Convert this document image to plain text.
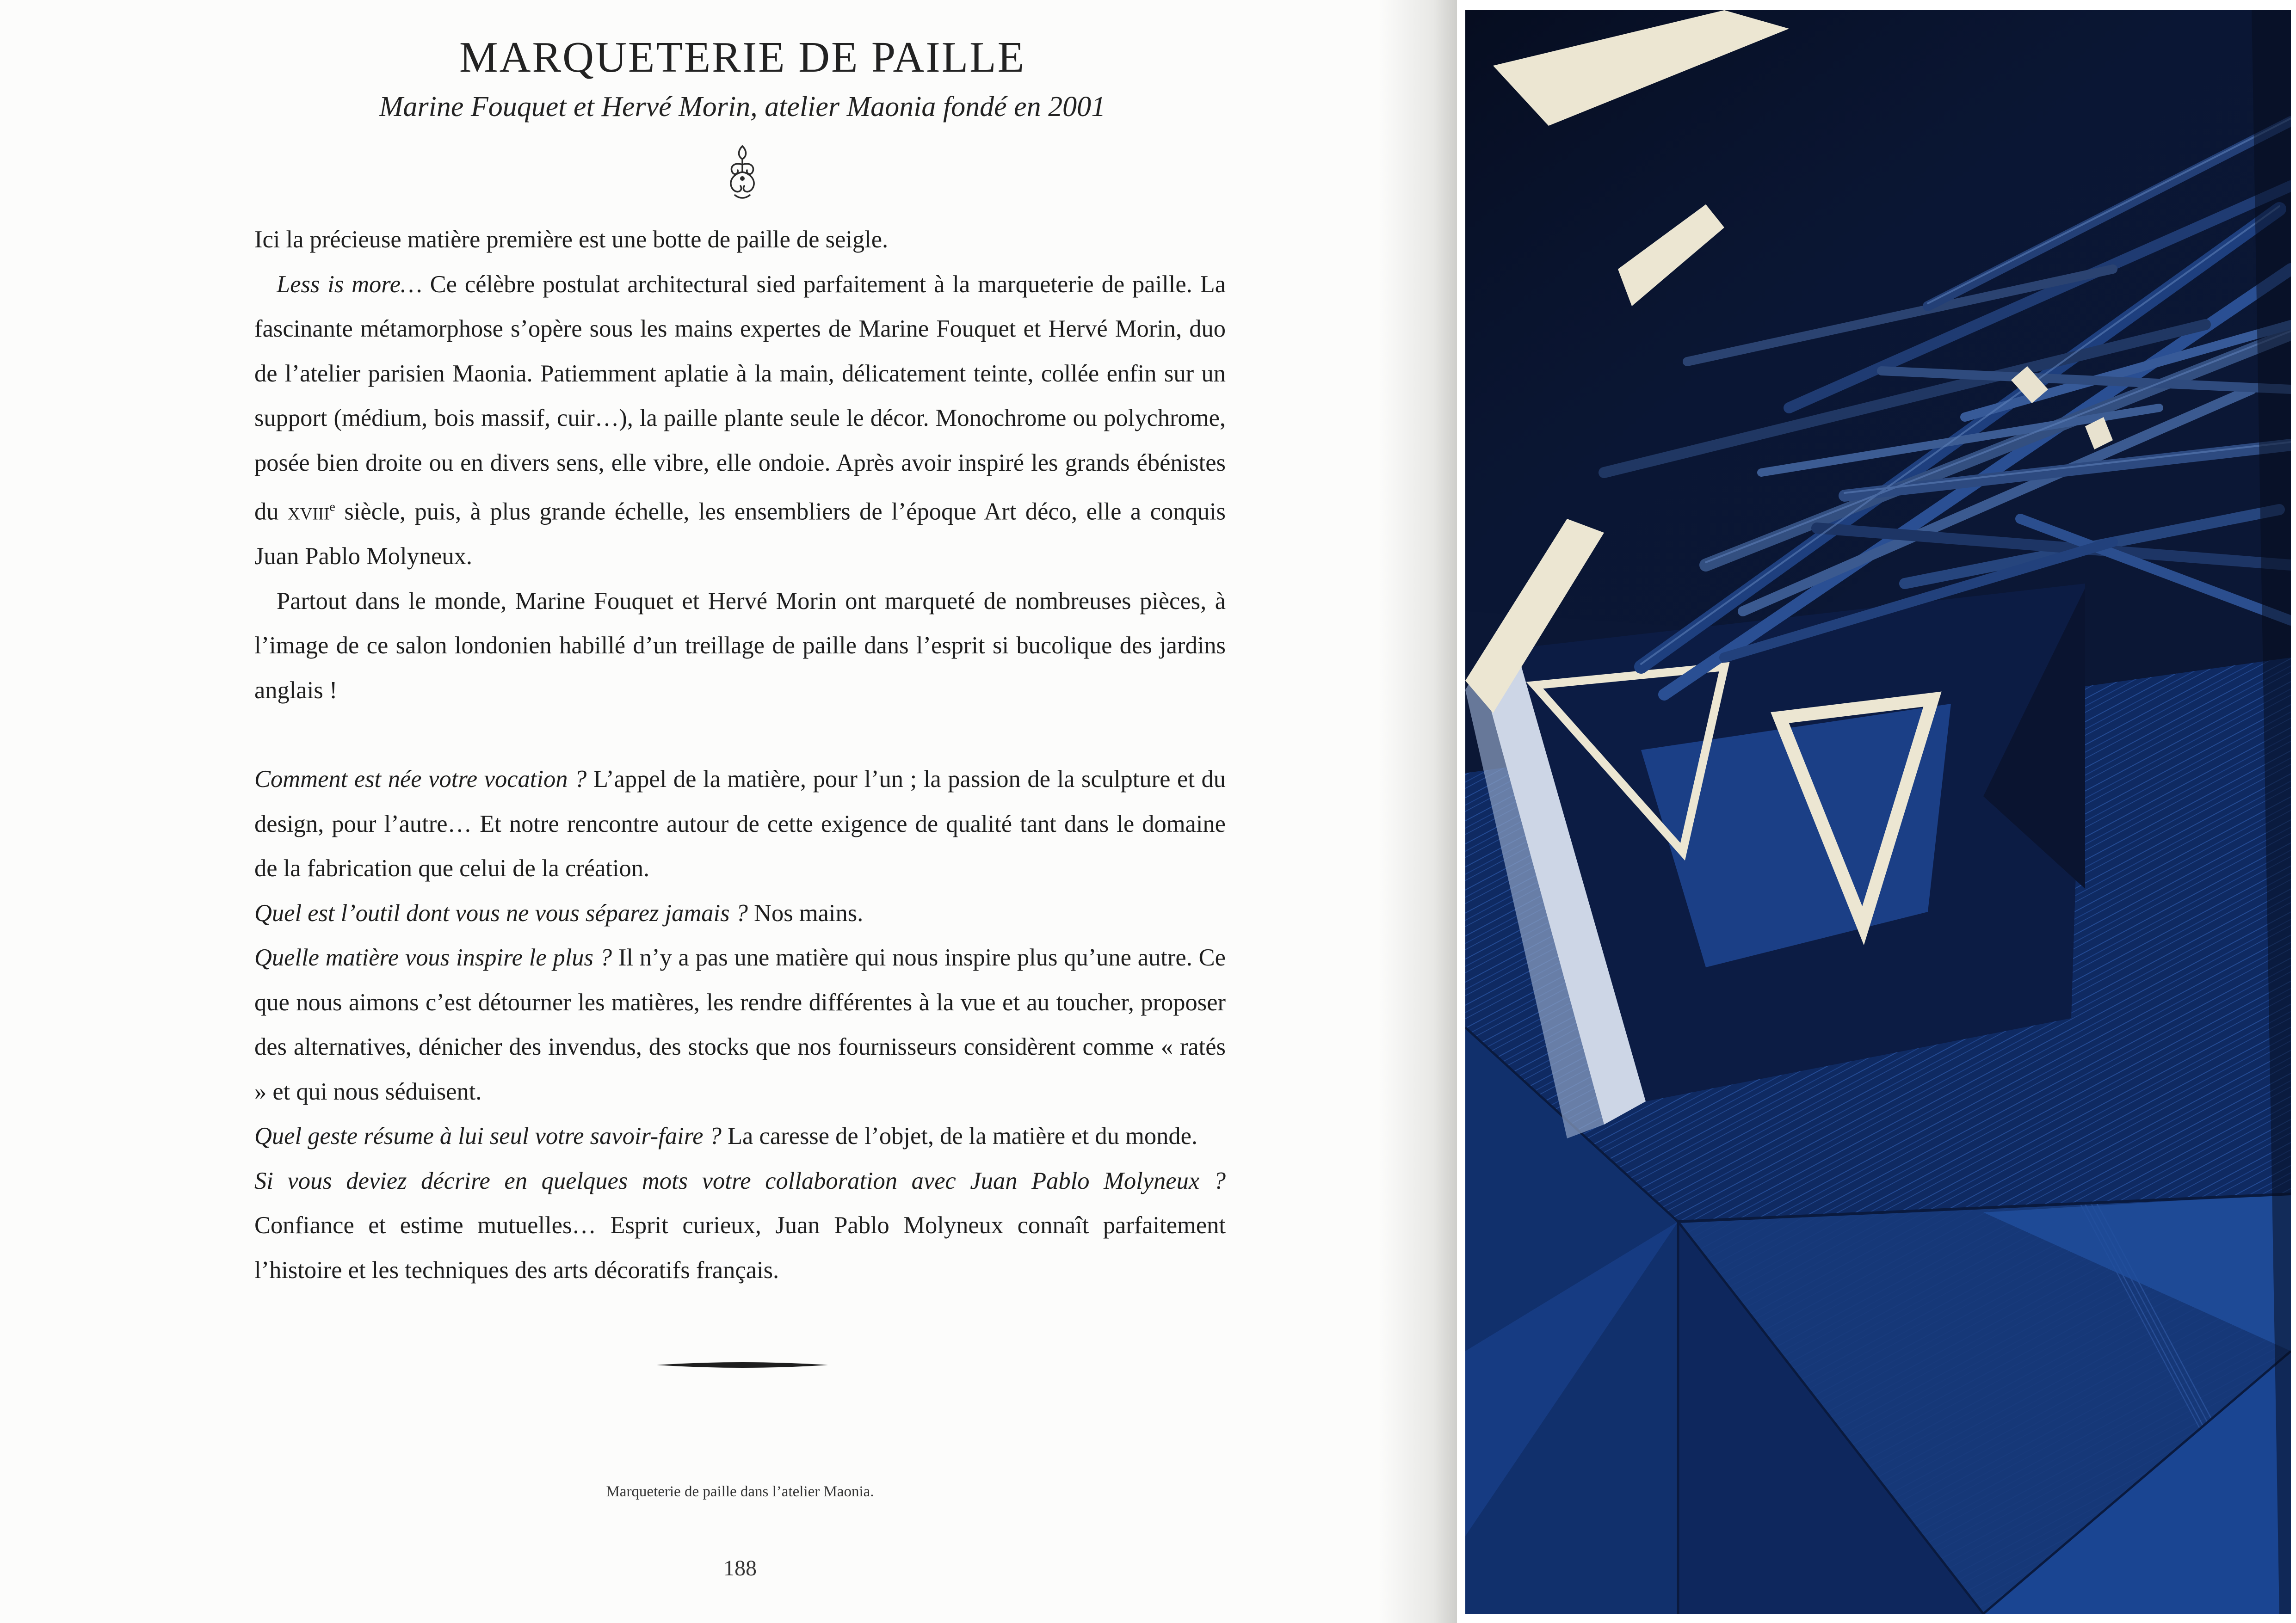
MARQUETERIE DE PAILLE
Marine Fouquet et Hervé Morin, atelier Maonia fondé en 2001

Ici la précieuse matière première est une botte de paille de seigle.

Less is more… Ce célèbre postulat architectural sied parfaitement à la marqueterie de paille. La fascinante métamorphose s’opère sous les mains expertes de Marine Fouquet et Hervé Morin, duo de l’atelier parisien Maonia. Patiemment aplatie à la main, délicatement teinte, collée enfin sur un support (médium, bois massif, cuir…), la paille plante seule le décor. Monochrome ou polychrome, posée bien droite ou en divers sens, elle vibre, elle ondoie. Après avoir inspiré les grands ébénistes du xviii$^e$ siècle, puis, à plus grande échelle, les ensembliers de l’époque Art déco, elle a conquis Juan Pablo Molyneux.

Partout dans le monde, Marine Fouquet et Hervé Morin ont marqueté de nombreuses pièces, à l’image de ce salon londonien habillé d’un treillage de paille dans l’esprit si bucolique des jardins anglais !

Comment est née votre vocation ? L’appel de la matière, pour l’un ; la passion de la sculpture et du design, pour l’autre… Et notre rencontre autour de cette exigence de qualité tant dans le domaine de la fabrication que celui de la création.

Quel est l’outil dont vous ne vous séparez jamais ? Nos mains.

Quelle matière vous inspire le plus ? Il n’y a pas une matière qui nous inspire plus qu’une autre. Ce que nous aimons c’est détourner les matières, les rendre différentes à la vue et au toucher, proposer des alternatives, dénicher des invendus, des stocks que nos fournisseurs considèrent comme « ratés » et qui nous séduisent.

Quel geste résume à lui seul votre savoir-faire ? La caresse de l’objet, de la matière et du monde.

Si vous deviez décrire en quelques mots votre collaboration avec Juan Pablo Molyneux ? Confiance et estime mutuelles… Esprit curieux, Juan Pablo Molyneux connaît parfaitement l’histoire et les techniques des arts décoratifs français.

Marqueterie de paille dans l’atelier Maonia.
188
